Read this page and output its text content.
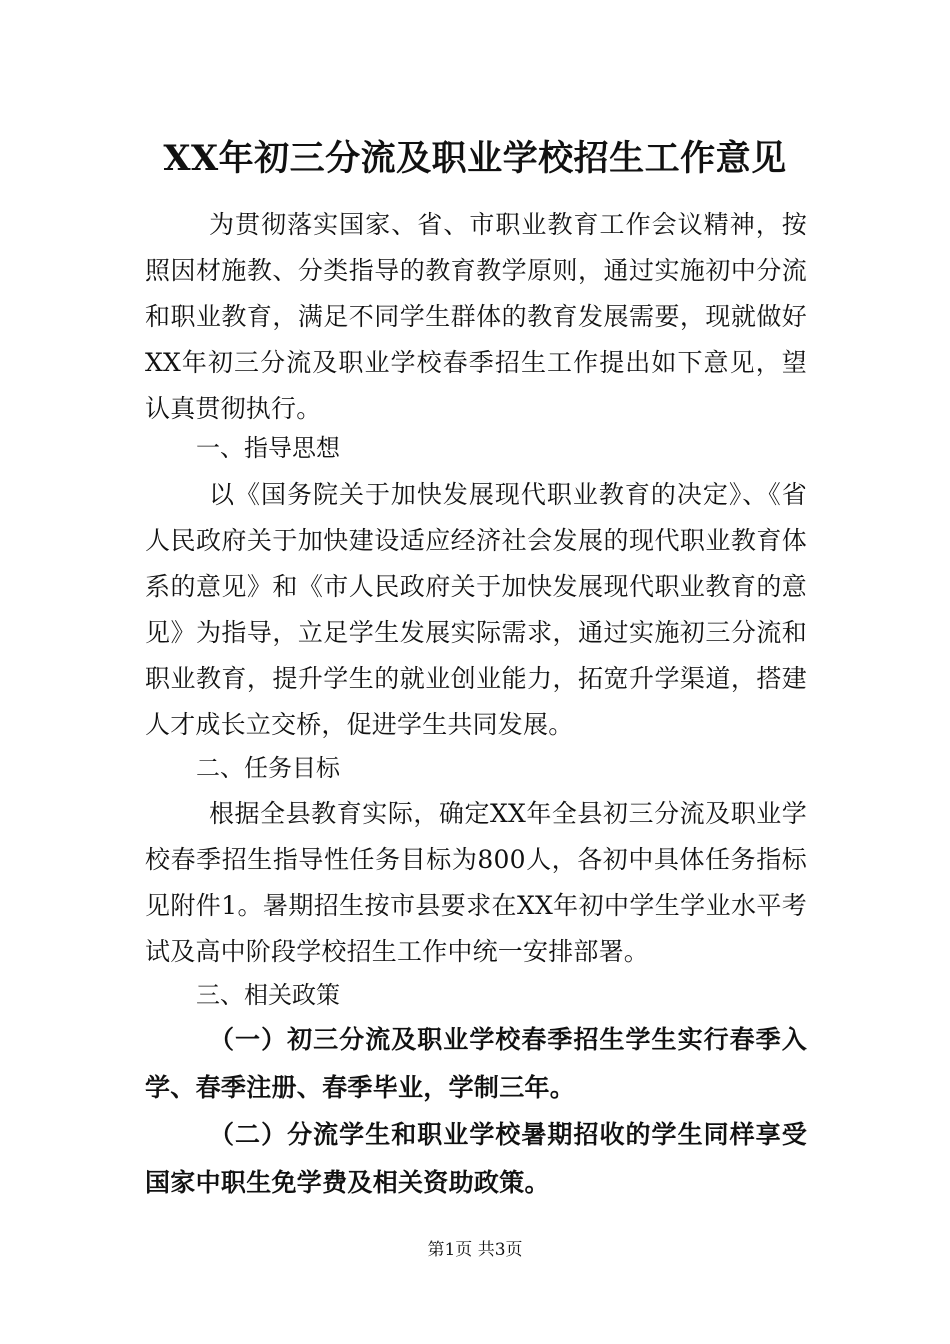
XX年初三分流及职业学校招生工作意见

为贯彻落实国家、省、市职业教育工作会议精神，按照因材施教、分类指导的教育教学原则，通过实施初中分流和职业教育，满足不同学生群体的教育发展需要，现就做好XX年初三分流及职业学校春季招生工作提出如下意见，望认真贯彻执行。

一、指导思想

以《国务院关于加快发展现代职业教育的决定》、《省人民政府关于加快建设适应经济社会发展的现代职业教育体系的意见》和《市人民政府关于加快发展现代职业教育的意见》为指导，立足学生发展实际需求，通过实施初三分流和职业教育，提升学生的就业创业能力，拓宽升学渠道，搭建人才成长立交桥，促进学生共同发展。

二、任务目标

根据全县教育实际，确定XX年全县初三分流及职业学校春季招生指导性任务目标为800人，各初中具体任务指标见附件1。暑期招生按市县要求在XX年初中学生学业水平考试及高中阶段学校招生工作中统一安排部署。

三、相关政策

（一）初三分流及职业学校春季招生学生实行春季入学、春季注册、春季毕业，学制三年。

（二）分流学生和职业学校暑期招收的学生同样享受国家中职生免学费及相关资助政策。

第1页 共3页
